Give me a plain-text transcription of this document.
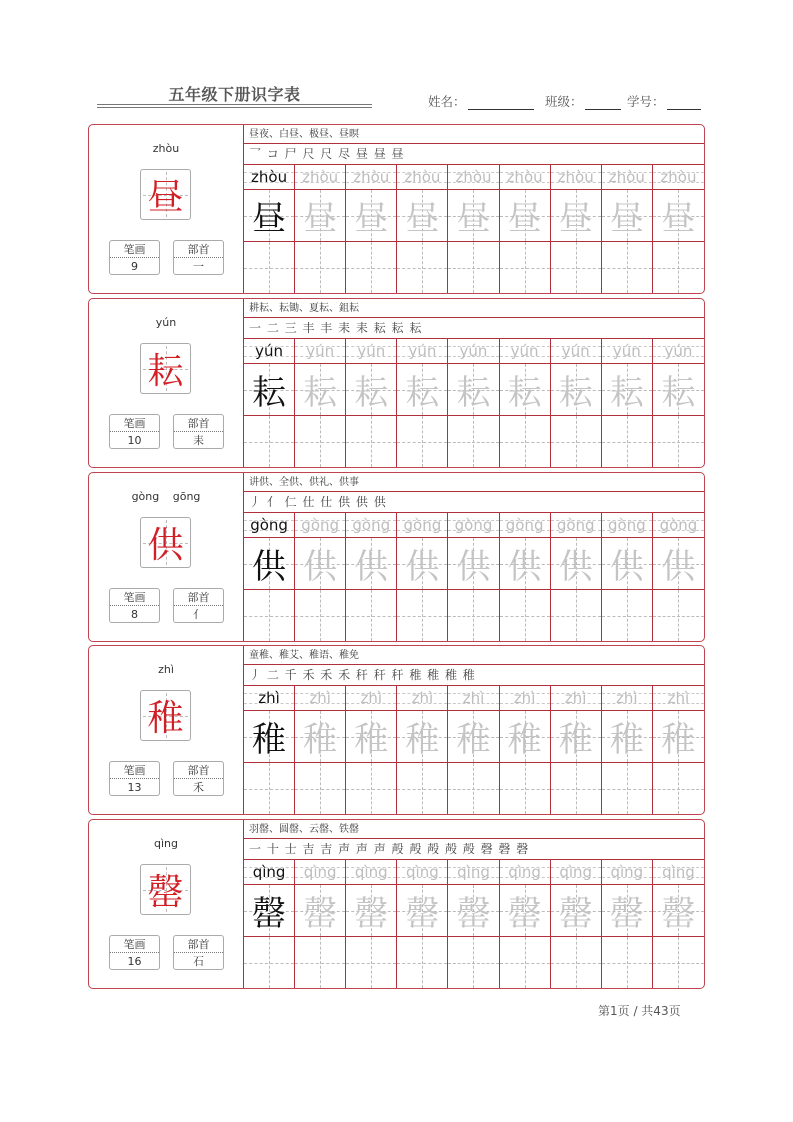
五年级下册识字表	姓名：	班级：	学号：
zhòu
昼
笔画
9
部首
一
昼夜、白昼、极昼、昼暝
乛 コ 尸 尺 尺 尽 昼 昼 昼
zhòu zhòu zhòu zhòu zhòu zhòu zhòu zhòu zhòu
昼 昼 昼 昼 昼 昼 昼 昼 昼
yún
耘
笔画
10
部首
耒
耕耘、耘锄、夏耘、鉏耘
一 二 三 丰 丰 耒 耒 耘 耘 耘
yún yún yún yún yún yún yún yún yún
耘 耘 耘 耘 耘 耘 耘 耘 耘
gòng gōng
供
笔画
8
部首
亻
讲供、全供、供礼、供事
丿 亻 仁 仕 仕 供 供 供
gòng gòng gòng gòng gòng gòng gòng gòng gòng
供 供 供 供 供 供 供 供 供
zhì
稚
笔画
13
部首
禾
童稚、稚艾、稚语、稚免
丿 二 千 禾 禾 禾 秆 秆 秆 稚 稚 稚 稚
zhì zhì zhì zhì zhì zhì zhì zhì zhì
稚 稚 稚 稚 稚 稚 稚 稚 稚
qìng
罄
笔画
16
部首
石
羽罄、圆罄、云罄、铁罄
一 十 士 吉 吉 声 声 声 殸 殸 殸 殸 殸 磬 磬 磬
qìng qìng qìng qìng qìng qìng qìng qìng qìng
罄 罄 罄 罄 罄 罄 罄 罄 罄
第1页 / 共43页
